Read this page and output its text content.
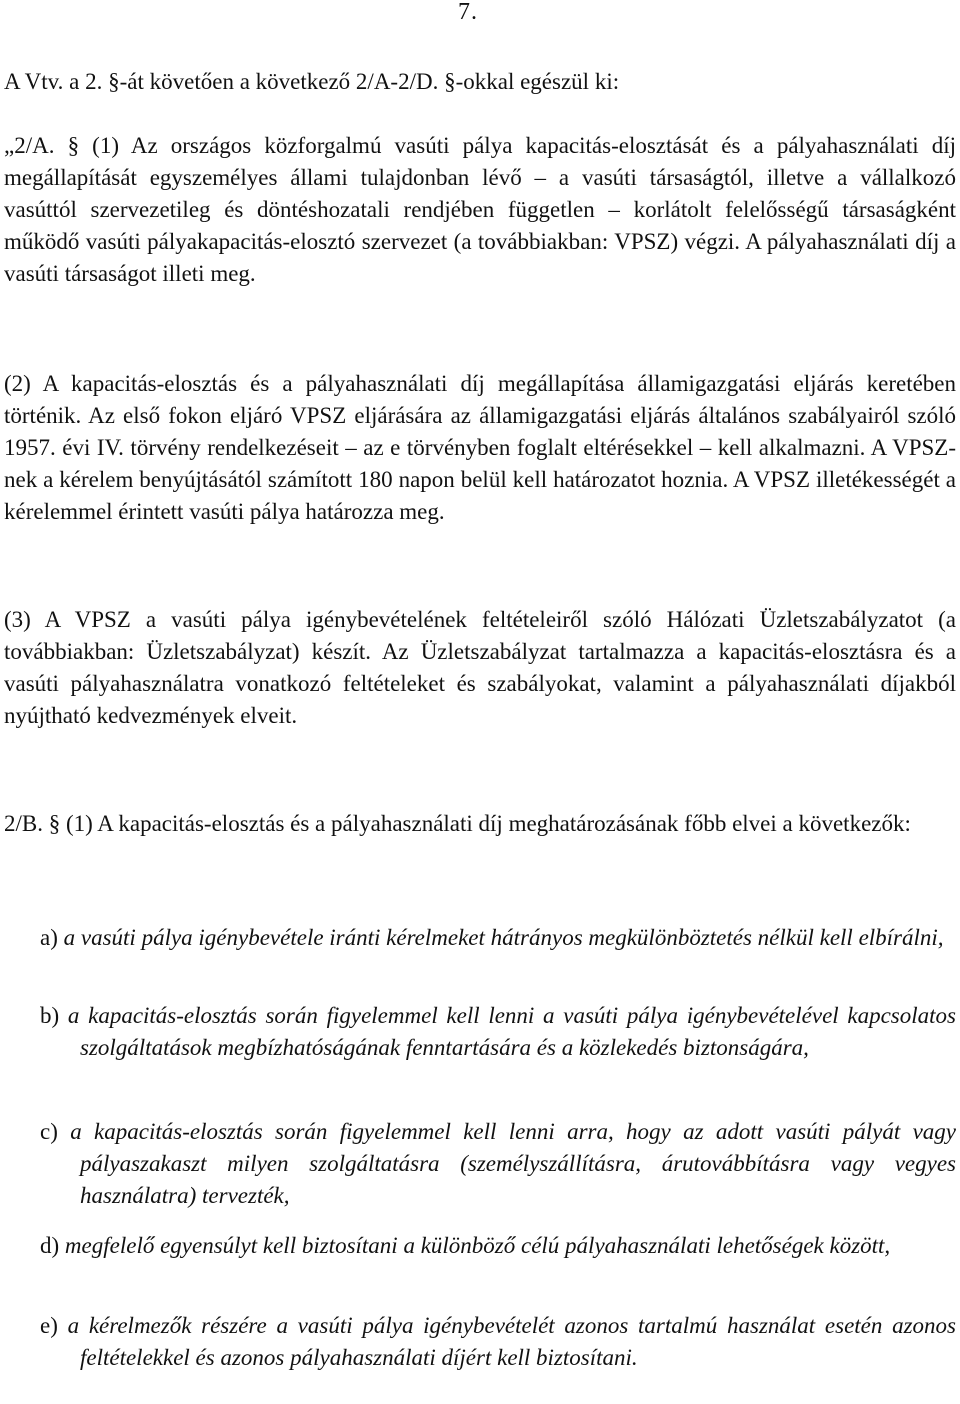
7.

A Vtv. a 2. §-át követően a következő 2/A-2/D. §-okkal egészül ki:

„2/A. § (1) Az országos közforgalmú vasúti pálya kapacitás-elosztását és a pályahasználati díj megállapítását egyszemélyes állami tulajdonban lévő – a vasúti társaságtól, illetve a vállalkozó vasúttól szervezetileg és döntéshozatali rendjében független – korlátolt felelősségű társaságként működő vasúti pályakapacitás-elosztó szervezet (a továbbiakban: VPSZ) végzi. A pályahasználati díj a vasúti társaságot illeti meg.

(2) A kapacitás-elosztás és a pályahasználati díj megállapítása államigazgatási eljárás keretében történik. Az első fokon eljáró VPSZ eljárására az államigazgatási eljárás általános szabályairól szóló 1957. évi IV. törvény rendelkezéseit – az e törvényben foglalt eltérésekkel – kell alkalmazni. A VPSZ-nek a kérelem benyújtásától számított 180 napon belül kell határozatot hoznia. A VPSZ illetékességét a kérelemmel érintett vasúti pálya határozza meg.

(3) A VPSZ a vasúti pálya igénybevételének feltételeiről szóló Hálózati Üzletszabályzatot (a továbbiakban: Üzletszabályzat) készít. Az Üzletszabályzat tartalmazza a kapacitás-elosztásra és a vasúti pályahasználatra vonatkozó feltételeket és szabályokat, valamint a pályahasználati díjakból nyújtható kedvezmények elveit.

2/B. § (1) A kapacitás-elosztás és a pályahasználati díj meghatározásának főbb elvei a következők:

a) a vasúti pálya igénybevétele iránti kérelmeket hátrányos megkülönböztetés nélkül kell elbírálni,
b) a kapacitás-elosztás során figyelemmel kell lenni a vasúti pálya igénybevételével kapcsolatos szolgáltatások megbízhatóságának fenntartására és a közlekedés biztonságára,
c) a kapacitás-elosztás során figyelemmel kell lenni arra, hogy az adott vasúti pályát vagy pályaszakaszt milyen szolgáltatásra (személyszállításra, árutovábbításra vagy vegyes használatra) tervezték,
d) megfelelő egyensúlyt kell biztosítani a különböző célú pályahasználati lehetőségek között,
e) a kérelmezők részére a vasúti pálya igénybevételét azonos tartalmú használat esetén azonos feltételekkel és azonos pályahasználati díjért kell biztosítani.
